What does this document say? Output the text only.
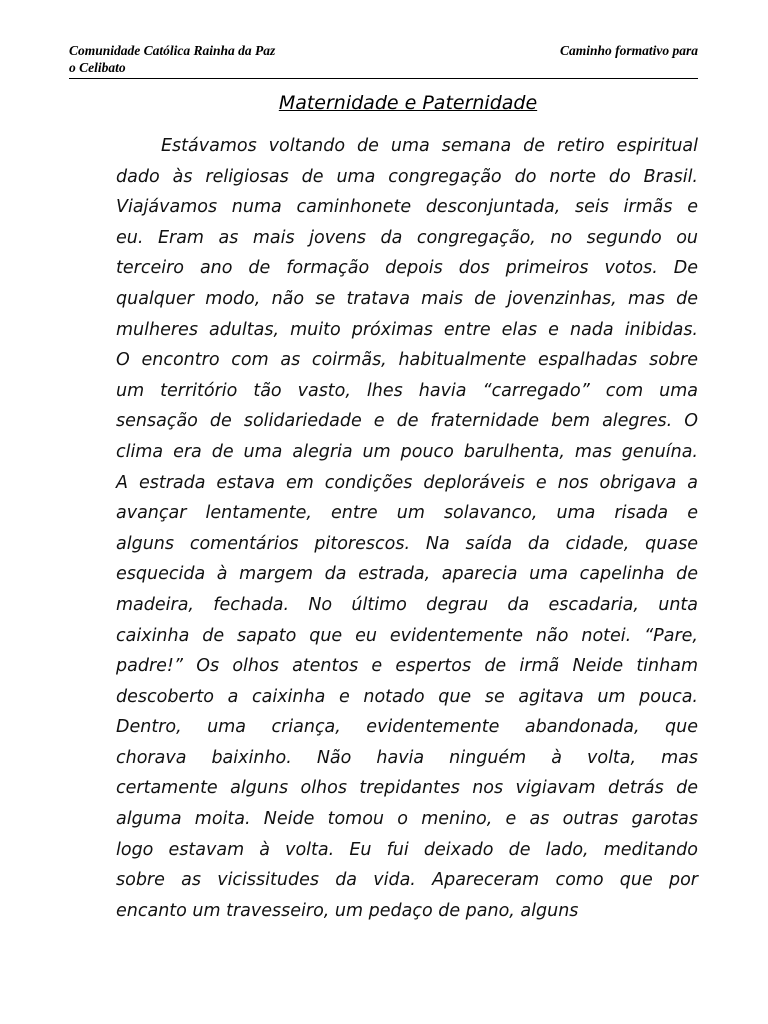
Comunidade Católica Rainha da Paz	Caminho formativo para
o Celibato
Maternidade e Paternidade
Estávamos voltando de uma semana de retiro espiritual
dado às religiosas de uma congregação do norte do Brasil.
Viajávamos numa caminhonete desconjuntada, seis irmãs e
eu. Eram as mais jovens da congregação, no segundo ou
terceiro ano de formação depois dos primeiros votos. De
qualquer modo, não se tratava mais de jovenzinhas, mas de
mulheres adultas, muito próximas entre elas e nada inibidas.
O encontro com as coirmãs, habitualmente espalhadas sobre
um território tão vasto, lhes havia “carregado” com uma
sensação de solidariedade e de fraternidade bem alegres. O
clima era de uma alegria um pouco barulhenta, mas genuína.
A estrada estava em condições deploráveis e nos obrigava a
avançar lentamente, entre um solavanco, uma risada e
alguns comentários pitorescos. Na saída da cidade, quase
esquecida à margem da estrada, aparecia uma capelinha de
madeira, fechada. No último degrau da escadaria, unta
caixinha de sapato que eu evidentemente não notei. “Pare,
padre!” Os olhos atentos e espertos de irmã Neide tinham
descoberto a caixinha e notado que se agitava um pouca.
Dentro, uma criança, evidentemente abandonada, que
chorava baixinho. Não havia ninguém à volta, mas
certamente alguns olhos trepidantes nos vigiavam detrás de
alguma moita. Neide tomou o menino, e as outras garotas
logo estavam à volta. Eu fui deixado de lado, meditando
sobre as vicissitudes da vida. Apareceram como que por
encanto um travesseiro, um pedaço de pano, alguns
